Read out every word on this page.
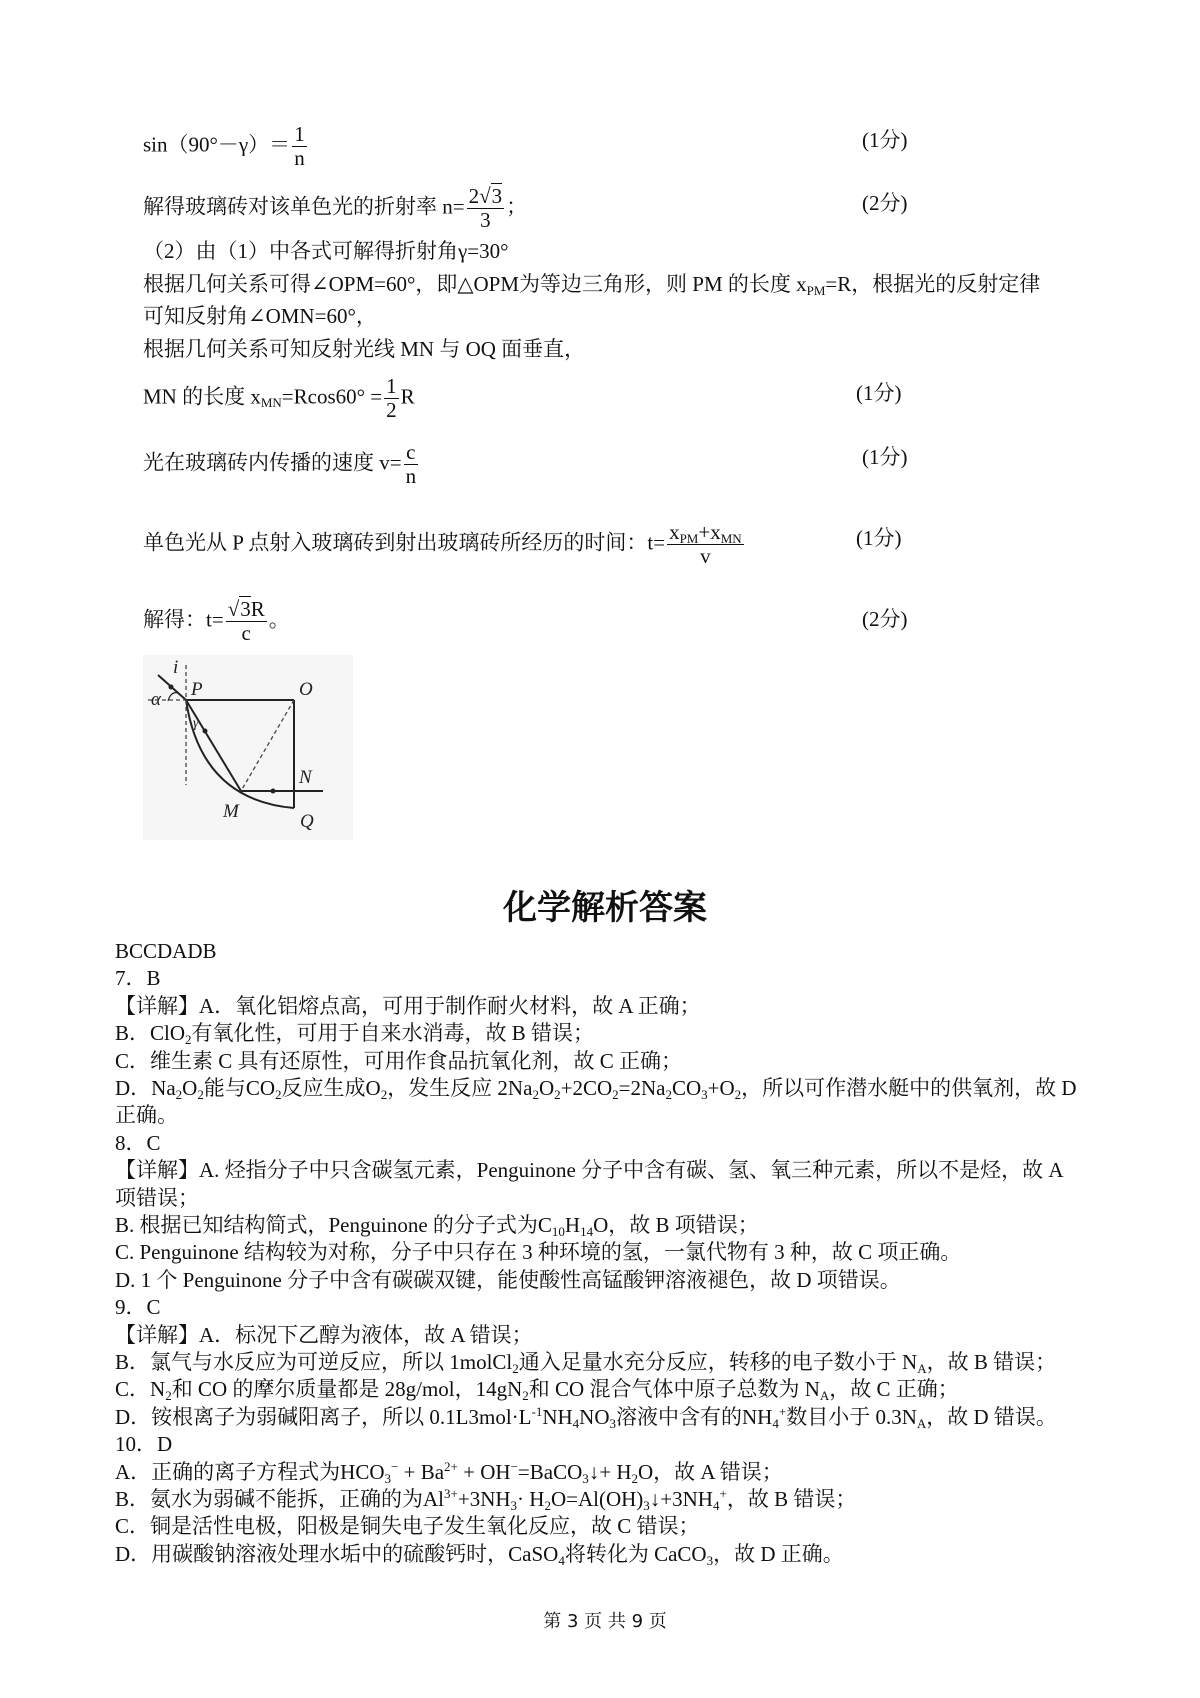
$\sin(90^\circ-\gamma)= \frac{1}{n}$	(1分)
解得玻璃砖对该单色光的折射率 $n= \frac{2√3}{3}$ ；	(2分)
（2）由（1）中各式可解得折射角γ=30°
根据几何关系可得∠OPM=60°，即△OPM为等边三角形，则 PM 的长度 $x_{PM}=R$，根据光的反射定律
可知反射角∠OMN=60°，
根据几何关系可知反射光线 MN 与 OQ 面垂直，
MN 的长度 $x_{MN}=Rcos60^\circ = \frac{1}{2}$ R	(1分)
光在玻璃砖内传播的速度 $v= \frac{c}{n}$	(1分)
单色光从 P 点射入玻璃砖到射出玻璃砖所经历的时间：$t= \frac{x_{PM}+x_{MN}}{v}$	(1分)
解得：$t= \frac{√3R}{c}$ 。	(2分)
α
i
P	O
N
M	Q
γ
化学解析答案
BCCDADB
7．B
【详解】A．氧化铝熔点高，可用于制作耐火材料，故 A 正确；
B．ClO$_2$有氧化性，可用于自来水消毒，故 B 错误；
C．维生素 C 具有还原性，可用作食品抗氧化剂，故 C 正确；
D．$Na_2O_2$能与$CO_2$反应生成$O_2$，发生反应 $2Na_2O_2+2CO_2=2Na_2CO_3+O_2$，所以可作潜水艇中的供氧剂，故 D
正确。
8．C
【详解】A. 烃指分子中只含碳氢元素，Penguinone 分子中含有碳、氢、氧三种元素，所以不是烃，故 A
项错误；
B. 根据已知结构简式，Penguinone 的分子式为$C_{10}H_{14}O$，故 B 项错误；
C. Penguinone 结构较为对称，分子中只存在 3 种环境的氢，一氯代物有 3 种，故 C 项正确。
D. 1 个 Penguinone 分子中含有碳碳双键，能使酸性高锰酸钾溶液褪色，故 D 项错误。
9．C
【详解】A．标况下乙醇为液体，故 A 错误；
B．氯气与水反应为可逆反应，所以 1molCl$_2$通入足量水充分反应，转移的电子数小于 $N_A$，故 B 错误；
C．$N_2$和 CO 的摩尔质量都是 28g/mol，$14gN_2$和 CO 混合气体中原子总数为 $N_A$，故 C 正确；
D．铵根离子为弱碱阳离子，所以 $0.1L3mol\cdot L^{-1}NH_4NO_3$溶液中含有的$NH_4^+$数目小于 $0.3N_A$，故 D 错误。
10．D
A．正确的离子方程式为$HCO_3^- + Ba^{2+}$ + OH−=BaCO$_3$↓+ $H_2O$，故 A 错误；
B．氨水为弱碱不能拆，正确的为$Al^{3+}+3NH_3\cdot$ $H_2O=Al(OH)_3↓+3NH_4^+$，故 B 错误；
C．铜是活性电极，阳极是铜失电子发生氧化反应，故 C 错误；
D．用碳酸钠溶液处理水垢中的硫酸钙时，CaSO$_4$将转化为 CaCO$_3$，故 D 正确。
第 3 页 共 9 页
